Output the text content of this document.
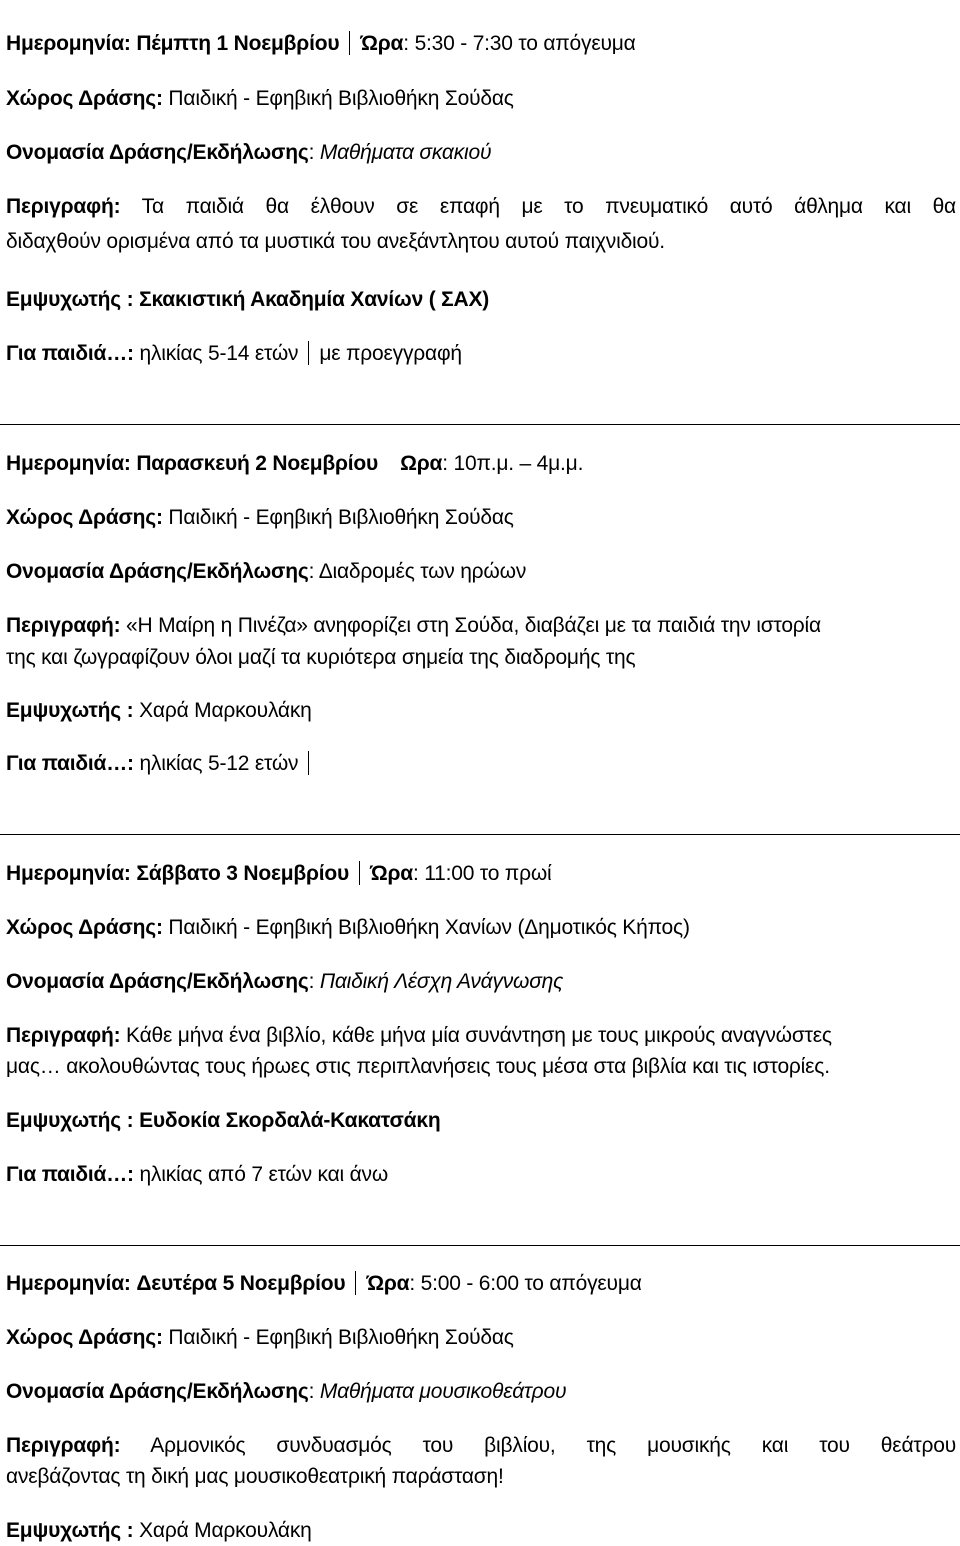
Ημερομηνία: Πέμπτη 1 Νοεμβρίου Ώρα: 5:30 - 7:30 το απόγευμα
Χώρος Δράσης: Παιδική - Εφηβική Βιβλιοθήκη Σούδας
Ονομασία Δράσης/Εκδήλωσης: Μαθήματα σκακιού
Περιγραφή: Τα παιδιά θα έλθουν σε επαφή με το πνευματικό αυτό άθλημα και θα
διδαχθούν ορισμένα από τα μυστικά του ανεξάντλητου αυτού παιχνιδιού.
Εμψυχωτής : Σκακιστική Ακαδημία Χανίων ( ΣΑΧ)
Για παιδιά…: ηλικίας 5-14 ετών με προεγγραφή
Ημερομηνία: Παρασκευή 2 Νοεμβρίου Ωρα: 10π.μ. – 4μ.μ.
Χώρος Δράσης: Παιδική - Εφηβική Βιβλιοθήκη Σούδας
Ονομασία Δράσης/Εκδήλωσης: Διαδρομές των ηρώων
Περιγραφή: «Η Μαίρη η Πινέζα» ανηφορίζει στη Σούδα, διαβάζει με τα παιδιά την ιστορία
της και ζωγραφίζουν όλοι μαζί τα κυριότερα σημεία της διαδρομής της
Εμψυχωτής : Χαρά Μαρκουλάκη
Για παιδιά…: ηλικίας 5-12 ετών
Ημερομηνία: Σάββατο 3 Νοεμβρίου Ώρα: 11:00 το πρωί
Χώρος Δράσης: Παιδική - Εφηβική Βιβλιοθήκη Χανίων (Δημοτικός Κήπος)
Ονομασία Δράσης/Εκδήλωσης: Παιδική Λέσχη Ανάγνωσης
Περιγραφή: Κάθε μήνα ένα βιβλίο, κάθε μήνα μία συνάντηση με τους μικρούς αναγνώστες
μας… ακολουθώντας τους ήρωες στις περιπλανήσεις τους μέσα στα βιβλία και τις ιστορίες.
Εμψυχωτής : Ευδοκία Σκορδαλά-Κακατσάκη
Για παιδιά…: ηλικίας από 7 ετών και άνω
Ημερομηνία: Δευτέρα 5 Νοεμβρίου Ώρα: 5:00 - 6:00 το απόγευμα
Χώρος Δράσης: Παιδική - Εφηβική Βιβλιοθήκη Σούδας
Ονομασία Δράσης/Εκδήλωσης: Μαθήματα μουσικοθεάτρου
Περιγραφή: Αρμονικός συνδυασμός του βιβλίου, της μουσικής και του θεάτρου
ανεβάζοντας τη δική μας μουσικοθεατρική παράσταση!
Εμψυχωτής : Χαρά Μαρκουλάκη
